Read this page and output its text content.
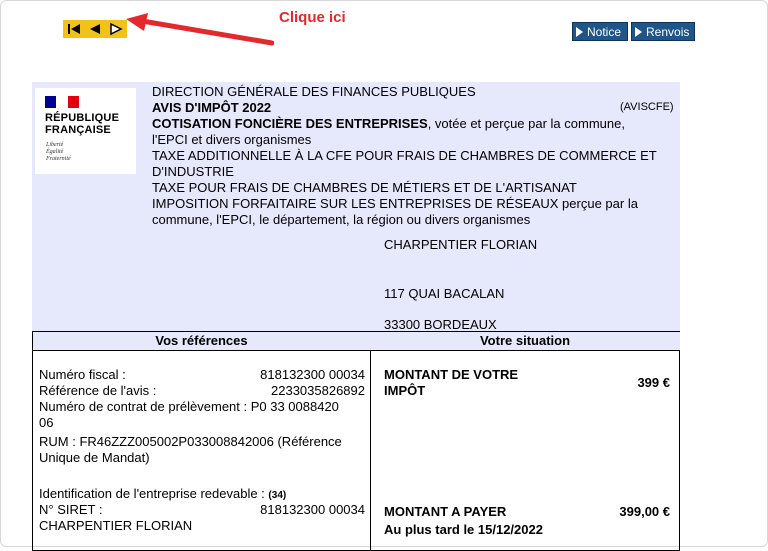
Clique ici
Notice Renvois
RÉPUBLIQUE
FRANÇAISE
Liberté
Égalité
Fraternité
DIRECTION GÉNÉRALE DES FINANCES PUBLIQUES
AVIS D'IMPÔT 2022
COTISATION FONCIÈRE DES ENTREPRISES, votée et perçue par la commune,
l'EPCI et divers organismes
TAXE ADDITIONNELLE À LA CFE POUR FRAIS DE CHAMBRES DE COMMERCE ET
D'INDUSTRIE
TAXE POUR FRAIS DE CHAMBRES DE MÉTIERS ET DE L'ARTISANAT
IMPOSITION FORFAITAIRE SUR LES ENTREPRISES DE RÉSEAUX perçue par la
commune, l'EPCI, le département, la région ou divers organismes
(AVISCFE)
CHARPENTIER FLORIAN
117 QUAI BACALAN
33300 BORDEAUX
Vos références
Numéro fiscal :	818132300 00034
Référence de l'avis :	2233035826892
Numéro de contrat de prélèvement : P0 33 0088420
06
RUM : FR46ZZZ005002P033008842006 (Référence
Unique de Mandat)
Identification de l'entreprise redevable : (34)
N° SIRET :	818132300 00034
CHARPENTIER FLORIAN
Votre situation
MONTANT DE VOTRE
IMPÔT
399 €
MONTANT A PAYER	399,00 €
Au plus tard le 15/12/2022
